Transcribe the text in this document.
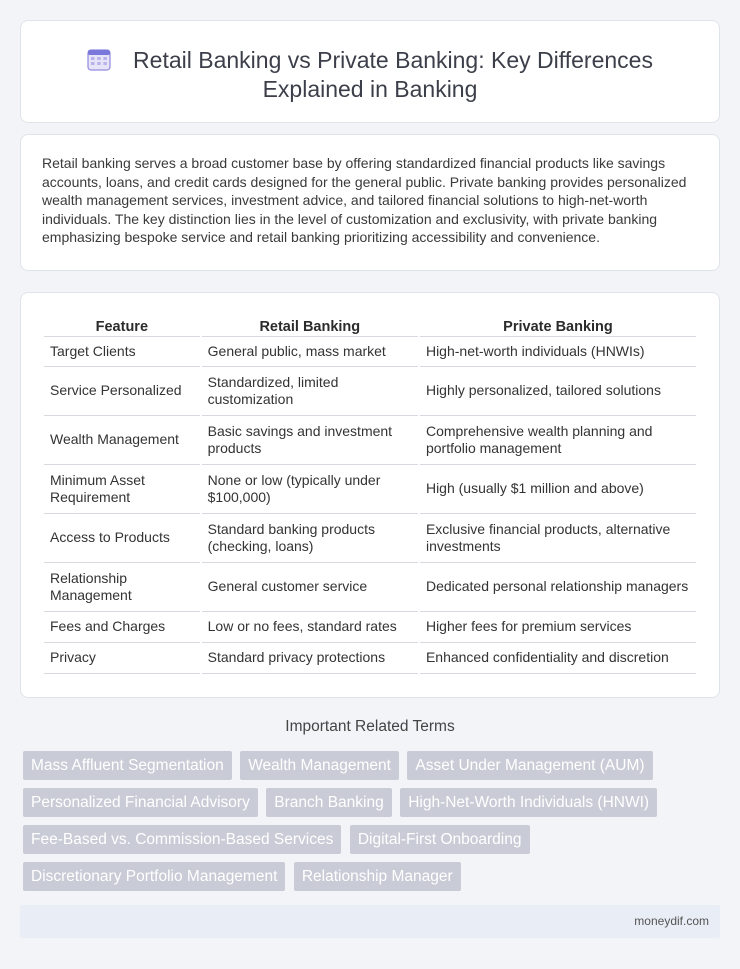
Retail Banking vs Private Banking: Key Differences
Explained in Banking

Retail banking serves a broad customer base by offering standardized financial products like savings accounts, loans, and credit cards designed for the general public. Private banking provides personalized wealth management services, investment advice, and tailored financial solutions to high-net-worth individuals. The key distinction lies in the level of customization and exclusivity, with private banking emphasizing bespoke service and retail banking prioritizing accessibility and convenience.

Feature	Retail Banking	Private Banking
Target Clients	General public, mass market	High-net-worth individuals (HNWIs)
Service Personalized	Standardized, limited customization	Highly personalized, tailored solutions
Wealth Management	Basic savings and investment products	Comprehensive wealth planning and portfolio management
Minimum Asset Requirement	None or low (typically under $100,000)	High (usually $1 million and above)
Access to Products	Standard banking products (checking, loans)	Exclusive financial products, alternative investments
Relationship Management	General customer service	Dedicated personal relationship managers
Fees and Charges	Low or no fees, standard rates	Higher fees for premium services
Privacy	Standard privacy protections	Enhanced confidentiality and discretion
Important Related Terms
Mass Affluent Segmentation Wealth Management Asset Under Management (AUM)
Personalized Financial Advisory Branch Banking High-Net-Worth Individuals (HNWI)
Fee-Based vs. Commission-Based Services Digital-First Onboarding
Discretionary Portfolio Management Relationship Manager
moneydif.com
